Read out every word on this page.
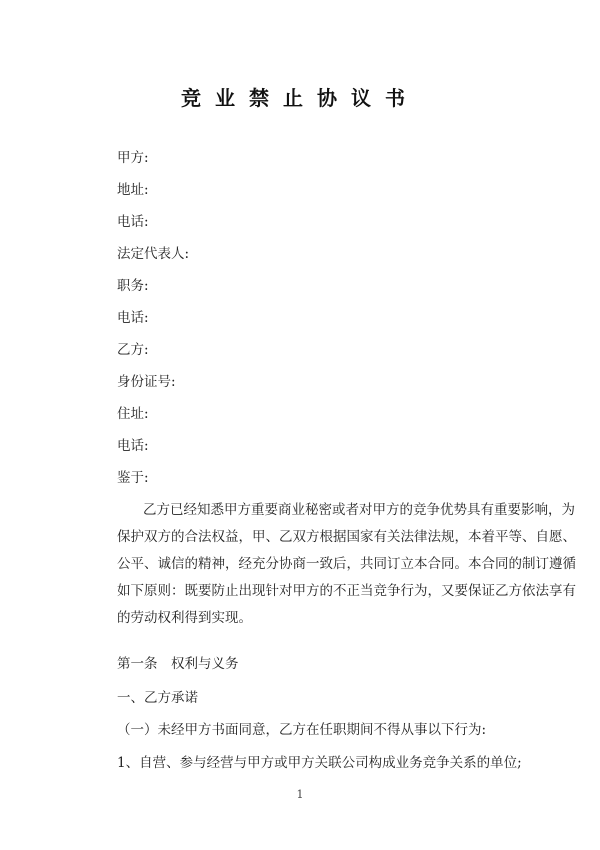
竞业禁止协议书
甲方:
地址:
电话:
法定代表人:
职务:
电话:
乙方:
身份证号:
住址:
电话:
鉴于:
乙方已经知悉甲方重要商业秘密或者对甲方的竞争优势具有重要影响，为
保护双方的合法权益，甲、乙双方根据国家有关法律法规，本着平等、自愿、
公平、诚信的精神，经充分协商一致后，共同订立本合同。本合同的制订遵循
如下原则：既要防止出现针对甲方的不正当竞争行为，又要保证乙方依法享有
的劳动权利得到实现。
第一条　权利与义务
一、乙方承诺
（一）未经甲方书面同意，乙方在任职期间不得从事以下行为:
1、自营、参与经营与甲方或甲方关联公司构成业务竞争关系的单位;
1
